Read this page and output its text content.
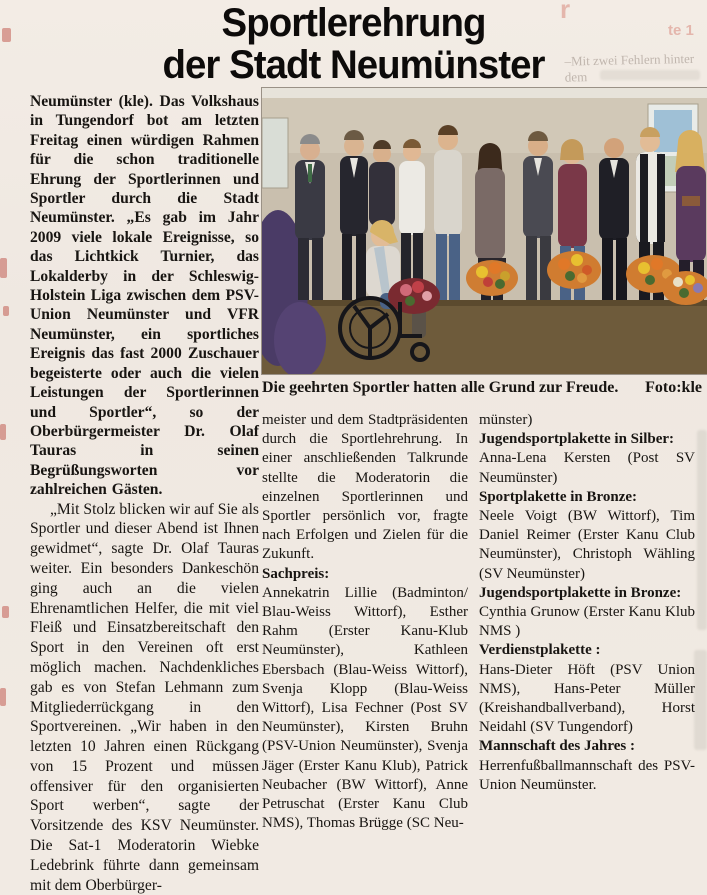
–Mit zwei Fehlern hinter dem
r
te 1
Sportlerehrung
der Stadt Neumünster

Neumünster (kle). Das Volkshaus in Tungendorf bot am letzten Freitag einen würdigen Rahmen für die schon traditionelle Ehrung der Sportlerinnen und Sportler durch die Stadt Neumünster. „Es gab im Jahr 2009 viele lokale Ereignisse, so das Lichtkick Turnier, das Lokalderby in der Schleswig-Holstein Liga zwischen dem PSV-Union Neumünster und VFR Neumünster, ein sportliches Ereignis das fast 2000 Zuschauer begeisterte oder auch die vielen Leistungen der Sportlerinnen und Sportler“, so der Oberbürgermeister Dr. Olaf Tauras in seinen Begrüßungsworten vor zahlreichen Gästen.

„Mit Stolz blicken wir auf Sie als Sportler und dieser Abend ist Ihnen gewidmet“, sagte Dr. Olaf Tauras weiter. Ein besonders Dankeschön ging auch an die vielen Ehrenamtlichen Helfer, die mit viel Fleiß und Einsatzbereitschaft den Sport in den Vereinen oft erst möglich machen. Nachdenkliches gab es von Stefan Lehmann zum Mitgliederrückgang in den Sportvereinen. „Wir haben in den letzten 10 Jahren einen Rückgang von 15 Prozent und müssen offensiver für den organisierten Sport werben“, sagte der Vorsitzende des KSV Neumünster. Die Sat-1 Moderatorin Wiebke Ledebrink führte dann gemeinsam mit dem Oberbürger-

Die geehrten Sportler hatten alle Grund zur Freude. Foto:kle

meister und dem Stadtpräsidenten durch die Sportlehrehrung. In einer anschließenden Talkrunde stellte die Moderatorin die einzelnen Sportlerinnen und Sportler persönlich vor, fragte nach Erfolgen und Zielen für die Zukunft.

Sachpreis:

Annekatrin Lillie (Badminton/ Blau-Weiss Wittorf), Esther Rahm (Erster Kanu-Klub Neumünster), Kathleen Ebersbach (Blau-Weiss Wittorf), Svenja Klopp (Blau-Weiss Wittorf), Lisa Fechner (Post SV Neumünster), Kirsten Bruhn (PSV-Union Neumünster), Svenja Jäger (Erster Kanu Klub), Patrick Neubacher (BW Wittorf), Anne Petruschat (Erster Kanu Club NMS), Thomas Brügge (SC Neu-

münster)

Jugendsportplakette in Silber:

Anna-Lena Kersten (Post SV Neumünster)

Sportplakette in Bronze:

Neele Voigt (BW Wittorf), Tim Daniel Reimer (Erster Kanu Club Neumünster), Christoph Wähling (SV Neumünster)

Jugendsportplakette in Bronze:

Cynthia Grunow (Erster Kanu Klub NMS )

Verdienstplakette :

Hans-Dieter Höft (PSV Union NMS), Hans-Peter Müller (Kreishandballverband), Horst Neidahl (SV Tungendorf)

Mannschaft des Jahres :

Herrenfußballmannschaft des PSV- Union Neumünster.
